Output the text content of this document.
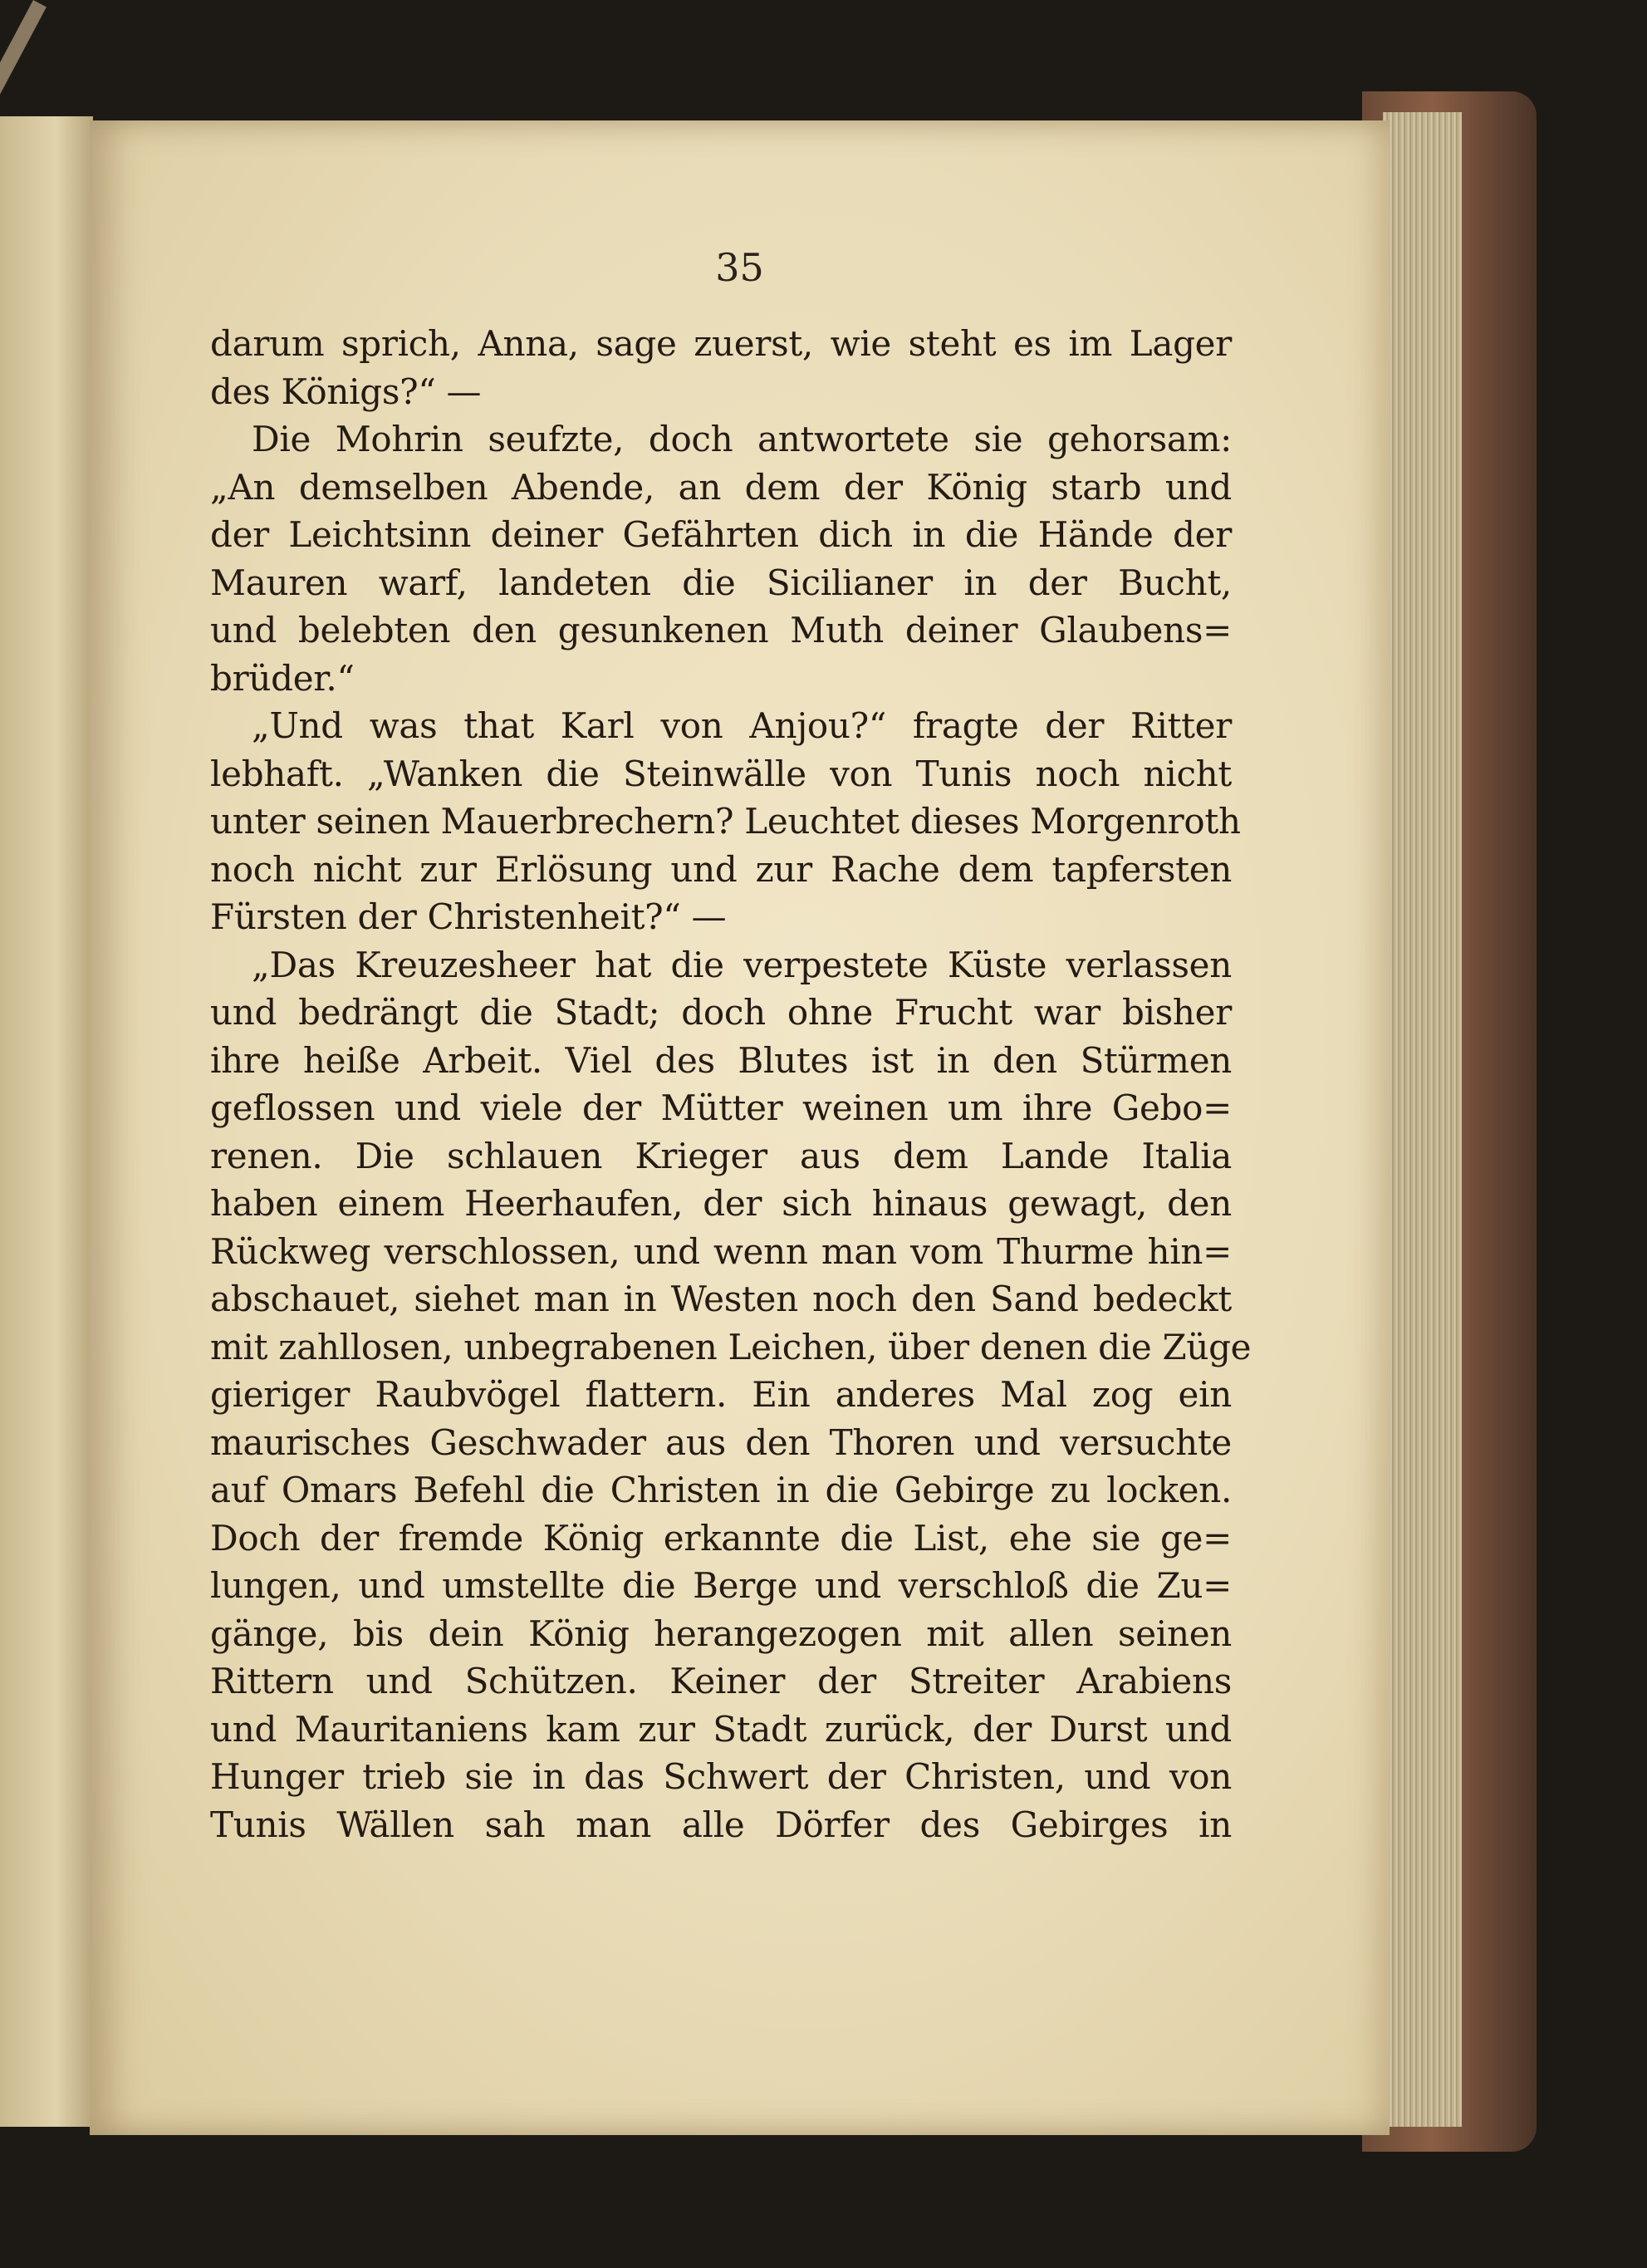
35
darum sprich, Anna, sage zuerst, wie steht es im Lager
des Königs?“ —
Die Mohrin seufzte, doch antwortete sie gehorsam:
„An demselben Abende, an dem der König starb und
der Leichtsinn deiner Gefährten dich in die Hände der
Mauren warf, landeten die Sicilianer in der Bucht,
und belebten den gesunkenen Muth deiner Glaubens=
brüder.“
„Und was that Karl von Anjou?“ fragte der Ritter
lebhaft. „Wanken die Steinwälle von Tunis noch nicht
unter seinen Mauerbrechern? Leuchtet dieses Morgenroth
noch nicht zur Erlösung und zur Rache dem tapfersten
Fürsten der Christenheit?“ —
„Das Kreuzesheer hat die verpestete Küste verlassen
und bedrängt die Stadt; doch ohne Frucht war bisher
ihre heiße Arbeit. Viel des Blutes ist in den Stürmen
geflossen und viele der Mütter weinen um ihre Gebo=
renen. Die schlauen Krieger aus dem Lande Italia
haben einem Heerhaufen, der sich hinaus gewagt, den
Rückweg verschlossen, und wenn man vom Thurme hin=
abschauet, siehet man in Westen noch den Sand bedeckt
mit zahllosen, unbegrabenen Leichen, über denen die Züge
gieriger Raubvögel flattern. Ein anderes Mal zog ein
maurisches Geschwader aus den Thoren und versuchte
auf Omars Befehl die Christen in die Gebirge zu locken.
Doch der fremde König erkannte die List, ehe sie ge=
lungen, und umstellte die Berge und verschloß die Zu=
gänge, bis dein König herangezogen mit allen seinen
Rittern und Schützen. Keiner der Streiter Arabiens
und Mauritaniens kam zur Stadt zurück, der Durst und
Hunger trieb sie in das Schwert der Christen, und von
Tunis Wällen sah man alle Dörfer des Gebirges in
